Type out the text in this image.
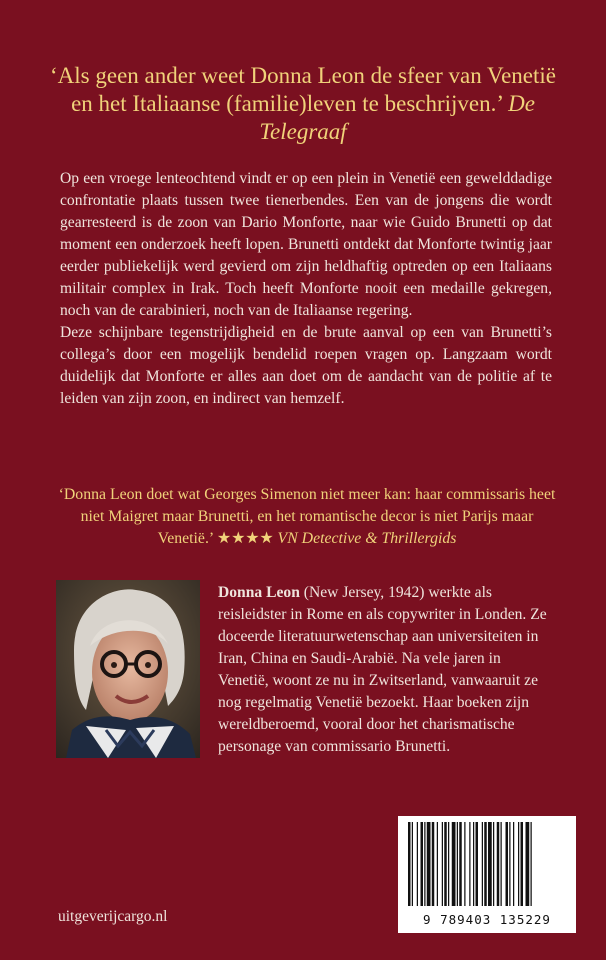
‘Als geen ander weet Donna Leon de sfeer van Venetië en het Italiaanse (familie)leven te beschrijven.’ De Telegraaf

Op een vroege lenteochtend vindt er op een plein in Venetië een gewelddadige confrontatie plaats tussen twee tienerbendes. Een van de jongens die wordt gearresteerd is de zoon van Dario Monforte, naar wie Guido Brunetti op dat moment een onderzoek heeft lopen. Brunetti ontdekt dat Monforte twintig jaar eerder publiekelijk werd gevierd om zijn heldhaftig optreden op een Italiaans militair complex in Irak. Toch heeft Monforte nooit een medaille gekregen, noch van de carabinieri, noch van de Italiaanse regering.

Deze schijnbare tegenstrijdigheid en de brute aanval op een van Brunetti’s collega’s door een mogelijk bendelid roepen vragen op. Langzaam wordt duidelijk dat Monforte er alles aan doet om de aandacht van de politie af te leiden van zijn zoon, en indirect van hemzelf.

‘Donna Leon doet wat Georges Simenon niet meer kan: haar commissaris heet niet Maigret maar Brunetti, en het romantische decor is niet Parijs maar Venetië.’ ★★★★ VN Detective & Thrillergids
Donna Leon (New Jersey, 1942) werkte als reisleidster in Rome en als copywriter in Londen. Ze doceerde literatuurwetenschap aan universiteiten in Iran, China en Saudi-Arabië. Na vele jaren in Venetië, woont ze nu in Zwitserland, vanwaaruit ze nog regelmatig Venetië bezoekt. Haar boeken zijn wereldberoemd, vooral door het charismatische personage van commissario Brunetti.
9 789403 135229
uitgeverijcargo.nl
